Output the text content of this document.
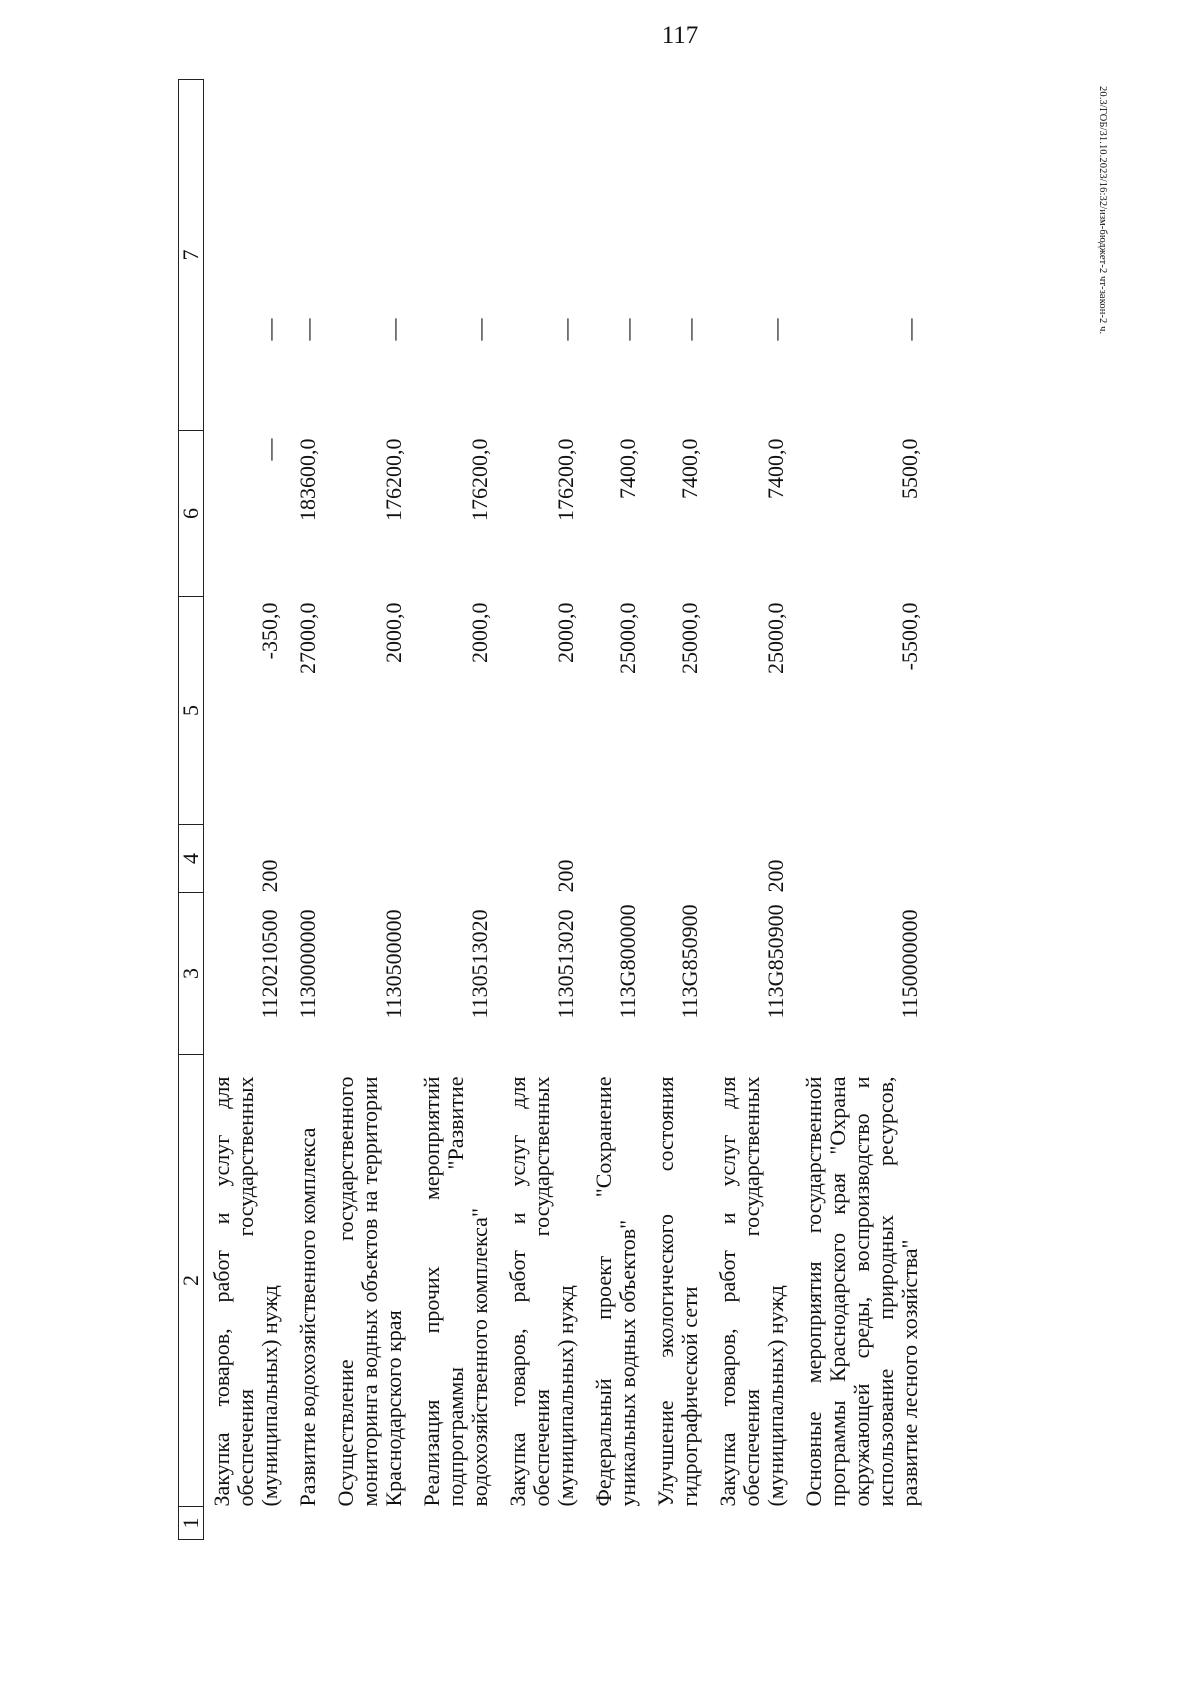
117
20.3/ГОБ/31.10.2023/16:32/изм-бюджет-2 чт-закон-2 ч.
1	2	3	4	5	6	7
	Закупка товаров, работ и услуг для обеспечения государственных (муниципальных) нужд	1120210500	200	-350,0	—	—
	Развитие водохозяйственного комплекса	1130000000		27000,0	183600,0	—
	Осуществление государственного мониторинга водных объектов на территории Краснодарского края	1130500000		2000,0	176200,0	—
	Реализация прочих мероприятий подпрограммы "Развитие водохозяйственного комплекса"	1130513020		2000,0	176200,0	—
	Закупка товаров, работ и услуг для обеспечения государственных (муниципальных) нужд	1130513020	200	2000,0	176200,0	—
	Федеральный проект "Сохранение уникальных водных объектов"	113G800000		25000,0	7400,0	—
	Улучшение экологического состояния гидрографической сети	113G850900		25000,0	7400,0	—
	Закупка товаров, работ и услуг для обеспечения государственных (муниципальных) нужд	113G850900	200	25000,0	7400,0	—
	Основные мероприятия государственной программы Краснодарского края "Охрана окружающей среды, воспроизводство и использование природных ресурсов, развитие лесного хозяйства"	1150000000		-5500,0	5500,0	—
